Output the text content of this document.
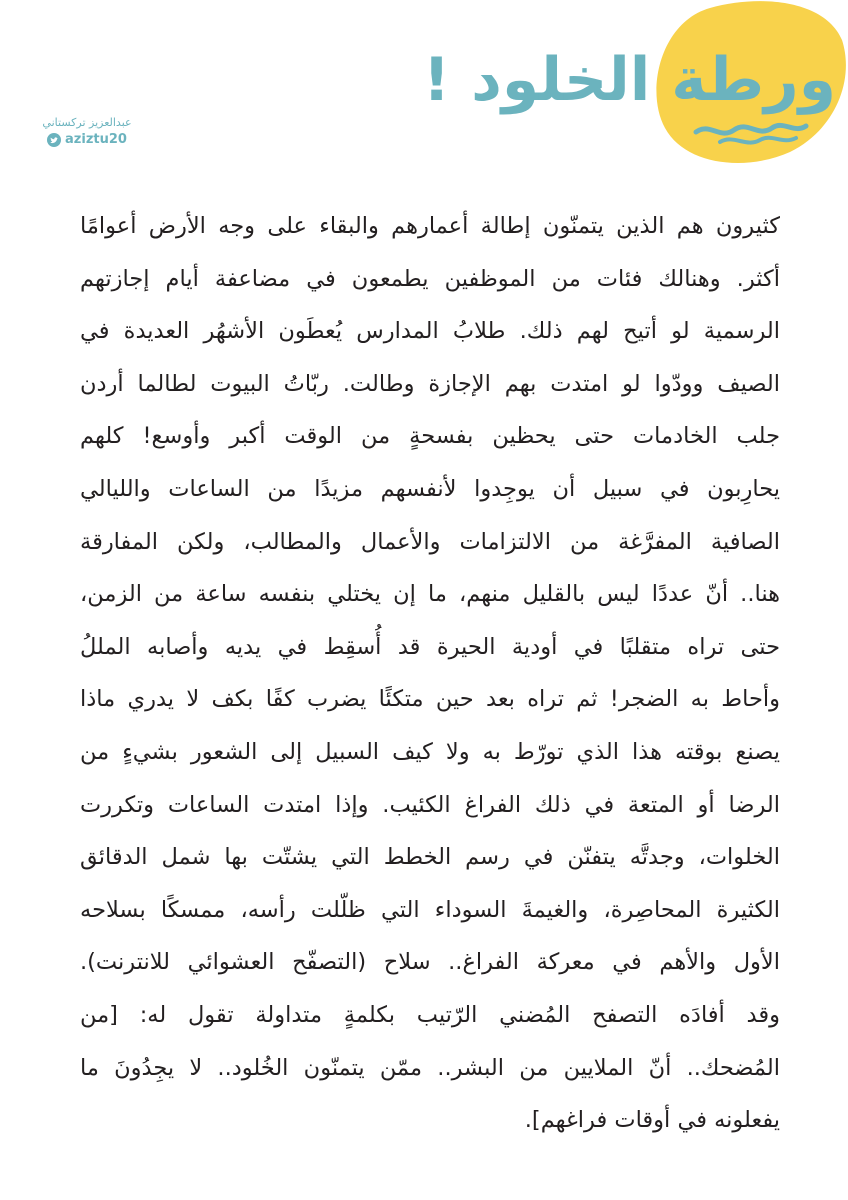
ورطة الخلود !
عبدالعزيز تركستاني
aziztu20
كثيرون هم الذين يتمنّون إطالة أعمارهم والبقاء على وجه الأرض أعوامًا
أكثر. وهنالك فئات من الموظفين يطمعون في مضاعفة أيام إجازتهم
الرسمية لو أتيح لهم ذلك. طلابُ المدارس يُعطَون الأشهُر العديدة في
الصيف وودّوا لو امتدت بهم الإجازة وطالت. ربّاتُ البيوت لطالما أردن
جلب الخادمات حتى يحظين بفسحةٍ من الوقت أكبر وأوسع! كلهم
يحارِبون في سبيل أن يوجِدوا لأنفسهم مزيدًا من الساعات والليالي
الصافية المفرَّغة من الالتزامات والأعمال والمطالب، ولكن المفارقة
هنا.. أنّ عددًا ليس بالقليل منهم، ما إن يختلي بنفسه ساعة من الزمن،
حتى تراه متقلبًا في أودية الحيرة قد أُسقِط في يديه وأصابه المللُ
وأحاط به الضجر! ثم تراه بعد حين متكئًا يضرب كفًا بكف لا يدري ماذا
يصنع بوقته هذا الذي تورّط به ولا كيف السبيل إلى الشعور بشيءٍ من
الرضا أو المتعة في ذلك الفراغ الكئيب. وإذا امتدت الساعات وتكررت
الخلوات، وجدتَّه يتفنّن في رسم الخطط التي يشتّت بها شمل الدقائق
الكثيرة المحاصِرة، والغيمةَ السوداء التي ظلّلت رأسه، ممسكًا بسلاحه
الأول والأهم في معركة الفراغ.. سلاح (التصفّح العشوائي للانترنت).
وقد أفادَه التصفح المُضني الرّتيب بكلمةٍ متداولة تقول له: [من
المُضحك.. أنّ الملايين من البشر.. ممّن يتمنّون الخُلود.. لا يجِدُونَ ما
يفعلونه في أوقات فراغهم].
